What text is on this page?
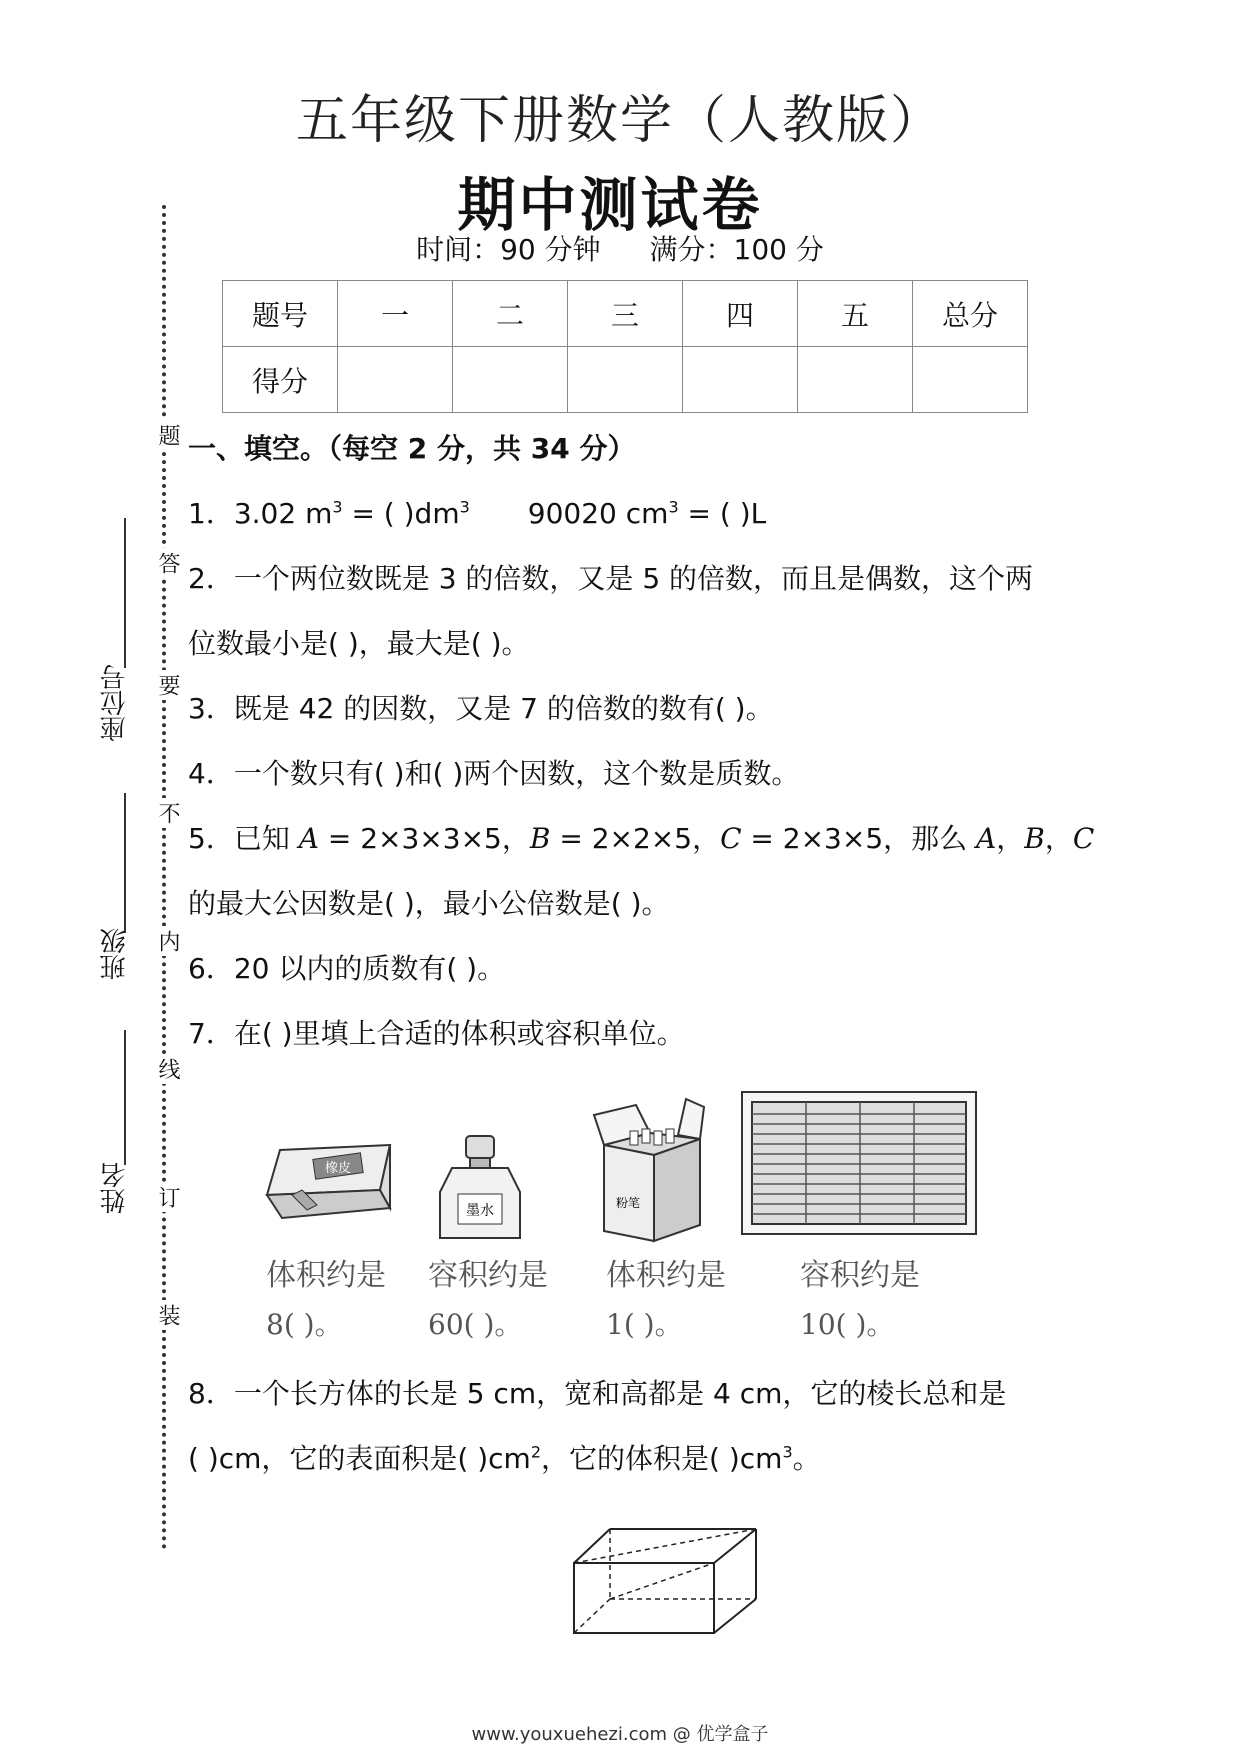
五年级下册数学（人教版）
期中测试卷
时间：90 分钟 满分：100 分
题号	一	二	三	四	五	总分
得分						
题
答
要
不
内
线
订
装
座位号
班级
姓名
一、填空。（每空 2 分，共 34 分）
1．3.02 $m^3$ = ( )$dm^3$ 90020 $cm^3$ = ( )L
2．一个两位数既是 3 的倍数，又是 5 的倍数，而且是偶数，这个两
位数最小是( )，最大是( )。
3．既是 42 的因数，又是 7 的倍数的数有( )。
4．一个数只有( )和( )两个因数，这个数是质数。
5．已知 A = 2×3×3×5，B = 2×2×5，C = 2×3×5，那么 A，B，C
的最大公因数是( )，最小公倍数是( )。
6．20 以内的质数有( )。
7．在( )里填上合适的体积或容积单位。
橡皮
墨水	粉笔
体积约是 容积约是 体积约是 容积约是
8( )。	60( )。	1( )。	10( )。
8．一个长方体的长是 5 cm，宽和高都是 4 cm，它的棱长总和是
( )cm，它的表面积是( )$cm^2$，它的体积是( )$cm^3$。
www.youxuehezi.com @ 优学盒子
